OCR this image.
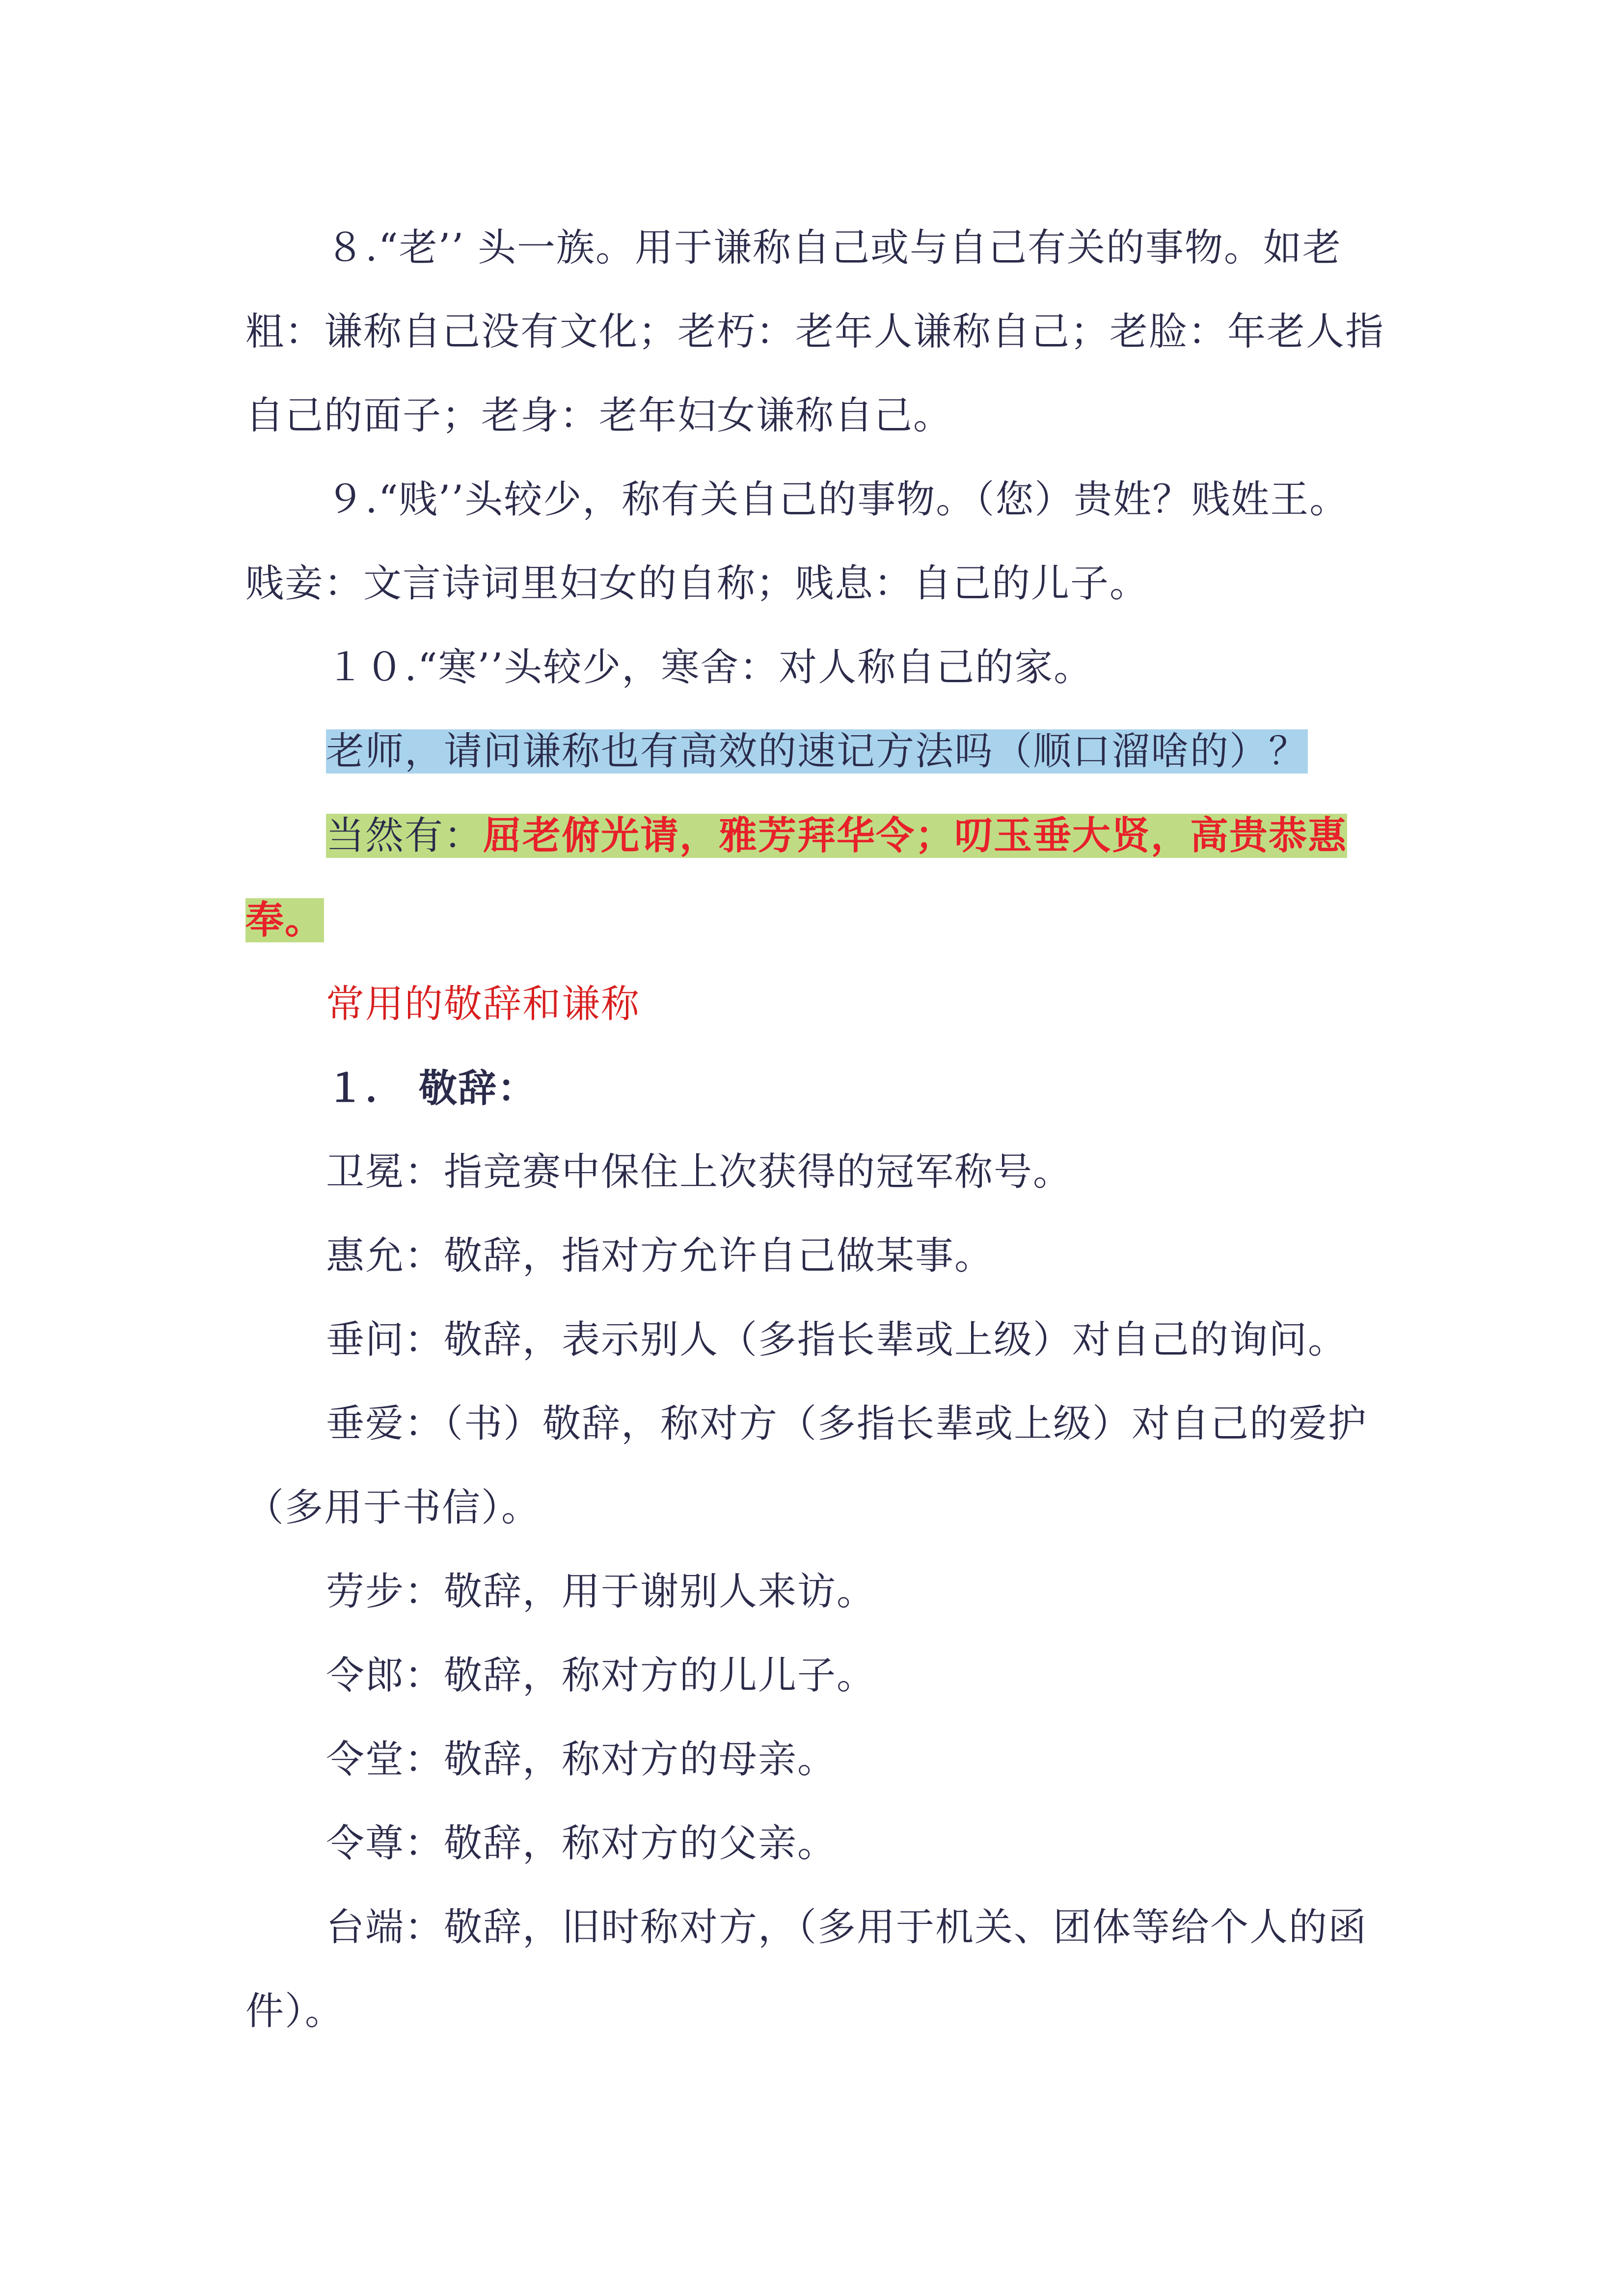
８.“老’’ 头一族。用于谦称自己或与自己有关的事物。如老粗：谦称自己没有文化；老朽：老年人谦称自己；老脸：年老人指自己的面子；老身：老年妇女谦称自己。

９.“贱’’头较少，称有关自己的事物。（您）贵姓？贱姓王。贱妾：文言诗词里妇女的自称；贱息：自己的儿子。

１０.“寒’’头较少，寒舍：对人称自己的家。

老师，请问谦称也有高效的速记方法吗（顺口溜啥的）？

当然有：屈老俯光请，雅芳拜华令；叨玉垂大贤，高贵恭惠奉。

常用的敬辞和谦称

１． 敬辞：

卫冕：指竞赛中保住上次获得的冠军称号。

惠允：敬辞，指对方允许自己做某事。

垂问：敬辞，表示别人（多指长辈或上级）对自己的询问。

垂爱：（书）敬辞，称对方（多指长辈或上级）对自己的爱护（多用于书信）。

劳步：敬辞，用于谢别人来访。

令郎：敬辞，称对方的儿儿子。

令堂：敬辞，称对方的母亲。

令尊：敬辞，称对方的父亲。

台端：敬辞，旧时称对方，（多用于机关、团体等给个人的函件）。
